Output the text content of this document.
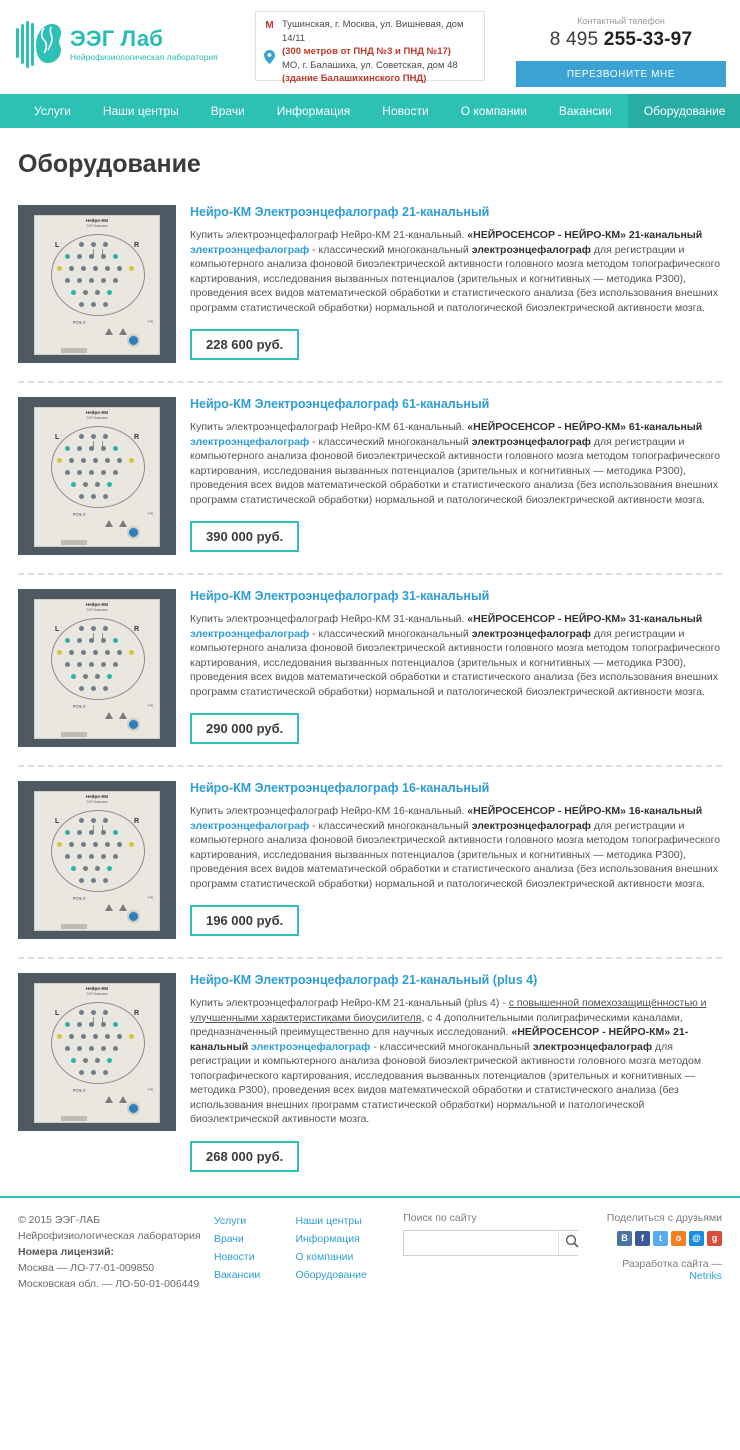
ЭЭГ Лаб
Нейрофизиологическая лаборатория
M Тушинская, г. Москва, ул. Вишневая, дом 14/11
(300 метров от ПНД №3 и ПНД №17)
МО, г. Балашиха, ул. Советская, дом 48
(здание Балашихинского ПНД)
Контактный телефон
8 495 255-33-97
ПЕРЕЗВОНИТЕ МНЕ
Услуги	Наши центры	Врачи	Информация	Новости	О компании	Вакансии	Оборудование
Оборудование
Нейро-КМ
ЭЭГ Комплекс
L	R
POLY	PS
Нейро-КМ Электроэнцефалограф 21-канальный
Купить электроэнцефалограф Нейро-КМ 21-канальный. «НЕЙРОСЕНСОР - НЕЙРО-КМ» 21-канальный электроэнцефалограф - классический многоканальный электроэнцефалограф для регистрации и компьютерного анализа фоновой биоэлектрической активности головного мозга методом топографического картирования, исследования вызванных потенциалов (зрительных и когнитивных — методика Р300), проведения всех видов математической обработки и статистического анализа (без использования внешних программ статистической обработки) нормальной и патологической биоэлектрической активности мозга.
228 600 руб.
Нейро-КМ
ЭЭГ Комплекс
L	R
POLY	PS
Нейро-КМ Электроэнцефалограф 61-канальный
Купить электроэнцефалограф Нейро-КМ 61-канальный. «НЕЙРОСЕНСОР - НЕЙРО-КМ» 61-канальный электроэнцефалограф - классический многоканальный электроэнцефалограф для регистрации и компьютерного анализа фоновой биоэлектрической активности головного мозга методом топографического картирования, исследования вызванных потенциалов (зрительных и когнитивных — методика Р300), проведения всех видов математической обработки и статистического анализа (без использования внешних программ статистической обработки) нормальной и патологической биоэлектрической активности мозга.
390 000 руб.
Нейро-КМ
ЭЭГ Комплекс
L	R
POLY	PS
Нейро-КМ Электроэнцефалограф 31-канальный
Купить электроэнцефалограф Нейро-КМ 31-канальный. «НЕЙРОСЕНСОР - НЕЙРО-КМ» 31-канальный электроэнцефалограф - классический многоканальный электроэнцефалограф для регистрации и компьютерного анализа фоновой биоэлектрической активности головного мозга методом топографического картирования, исследования вызванных потенциалов (зрительных и когнитивных — методика Р300), проведения всех видов математической обработки и статистического анализа (без использования внешних программ статистической обработки) нормальной и патологической биоэлектрической активности мозга.
290 000 руб.
Нейро-КМ
ЭЭГ Комплекс
L	R
POLY	PS
Нейро-КМ Электроэнцефалограф 16-канальный
Купить электроэнцефалограф Нейро-КМ 16-канальный. «НЕЙРОСЕНСОР - НЕЙРО-КМ» 16-канальный электроэнцефалограф - классический многоканальный электроэнцефалограф для регистрации и компьютерного анализа фоновой биоэлектрической активности головного мозга методом топографического картирования, исследования вызванных потенциалов (зрительных и когнитивных — методика Р300), проведения всех видов математической обработки и статистического анализа (без использования внешних программ статистической обработки) нормальной и патологической биоэлектрической активности мозга.
196 000 руб.
Нейро-КМ
ЭЭГ Комплекс
L	R
POLY	PS
Нейро-КМ Электроэнцефалограф 21-канальный (plus 4)
Купить электроэнцефалограф Нейро-КМ 21-канальный (plus 4) - с повышенной помехозащищённостью и улучшенными характеристиками биоусилителя, с 4 дополнительными полиграфическими каналами, предназначенный преимущественно для научных исследований. «НЕЙРОСЕНСОР - НЕЙРО-КМ» 21-канальный электроэнцефалограф - классический многоканальный электроэнцефалограф для регистрации и компьютерного анализа фоновой биоэлектрической активности головного мозга методом топографического картирования, исследования вызванных потенциалов (зрительных и когнитивных — методика Р300), проведения всех видов математической обработки и статистического анализа (без использования внешних программ статистической обработки) нормальной и патологической биоэлектрической активности мозга.
268 000 руб.
© 2015 ЭЭГ-ЛАБ
Нейрофизиологическая лаборатория
Номера лицензий:
Москва — ЛО-77-01-009850
Московская обл. — ЛО-50-01-006449
Услуги
Врачи
Новости
Вакансии
Наши центры
Информация
О компании
Оборудование
Поиск по сайту	Поделиться с друзьями
В	f	t	о	@	g
Разработка сайта — Netriks
